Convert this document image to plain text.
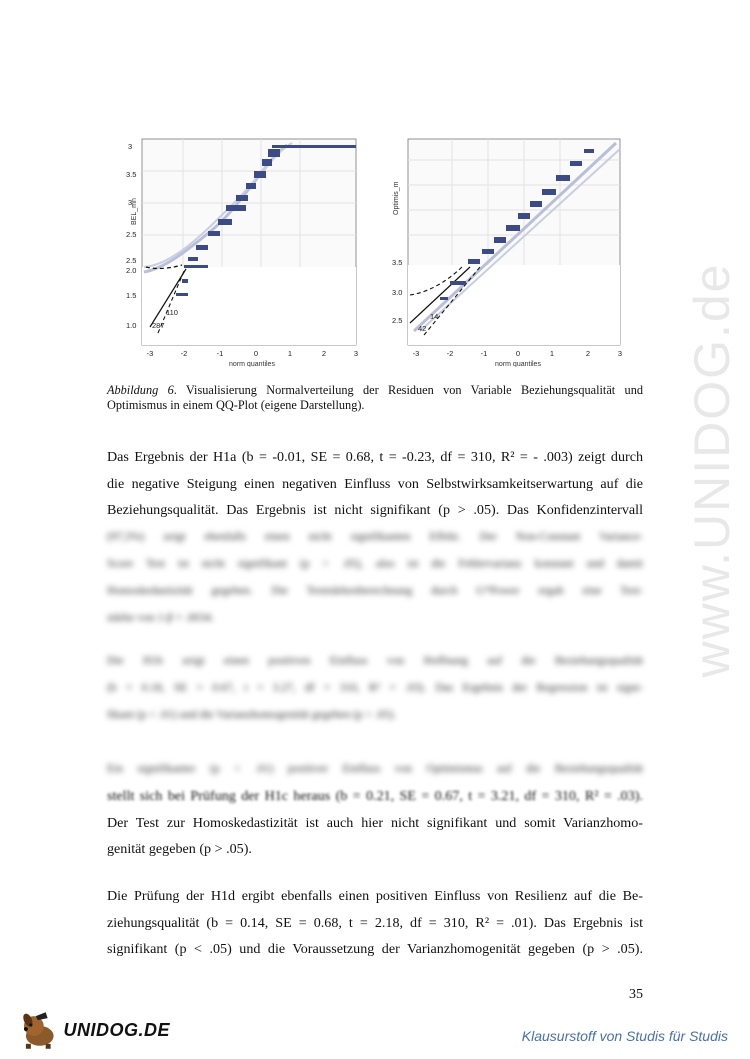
110
287
3
3.5
3
2.5
2.5
2.0
1.5
1.0
BEL_mn
-3	-2	-1	0	1	2	3
norm quantiles
14
42
3.5
3.0
2.5
Optimis_m
-3	-2	-1	0	1	2	3
norm quantiles
Abbildung 6. Visualisierung Normalverteilung der Residuen von Variable Beziehungsqualität und Optimismus in einem QQ-Plot (eigene Darstellung).
Das Ergebnis der H1a (b = -0.01, SE = 0.68, t = -0.23, df = 310, R² = - .003) zeigt durch
die negative Steigung einen negativen Einfluss von Selbstwirksamkeitserwartung auf die
Beziehungsqualität. Das Ergebnis ist nicht signifikant (p > .05). Das Konfidenzintervall
(97,5%) zeigt ebenfalls einen nicht signifikanten Effekt. Der Non-Constant Variance-
Score Test ist nicht signifikant (p > .05), also ist die Fehlervarianz konstant und damit
Homoskedastizität gegeben. Die Teststärkenberechnung durch G*Power ergab eine Test-
stärke von 1-β = .0034.
Die H1b zeigt einen positiven Einfluss von Hoffnung auf die Beziehungsqualität
(b = 0.18, SE = 0.67, t = 3.27, df = 310, R² = .03). Das Ergebnis der Regression ist signi-
fikant (p < .01) und die Varianzhomogenität gegeben (p > .05).
Ein signifikanter (p < .01) positiver Einfluss von Optimismus auf die Beziehungsqualität
stellt sich bei Prüfung der H1c heraus (b = 0.21, SE = 0.67, t = 3.21, df = 310, R² = .03).
Der Test zur Homoskedastizität ist auch hier nicht signifikant und somit Varianzhomo-
genität gegeben (p > .05).
Die Prüfung der H1d ergibt ebenfalls einen positiven Einfluss von Resilienz auf die Be-
ziehungsqualität (b = 0.14, SE = 0.68, t = 2.18, df = 310, R² = .01). Das Ergebnis ist
signifikant (p < .05) und die Voraussetzung der Varianzhomogenität gegeben (p > .05).
35
www.UNIDOG.de
UNIDOG.DE	Klausurstoff von Studis für Studis
